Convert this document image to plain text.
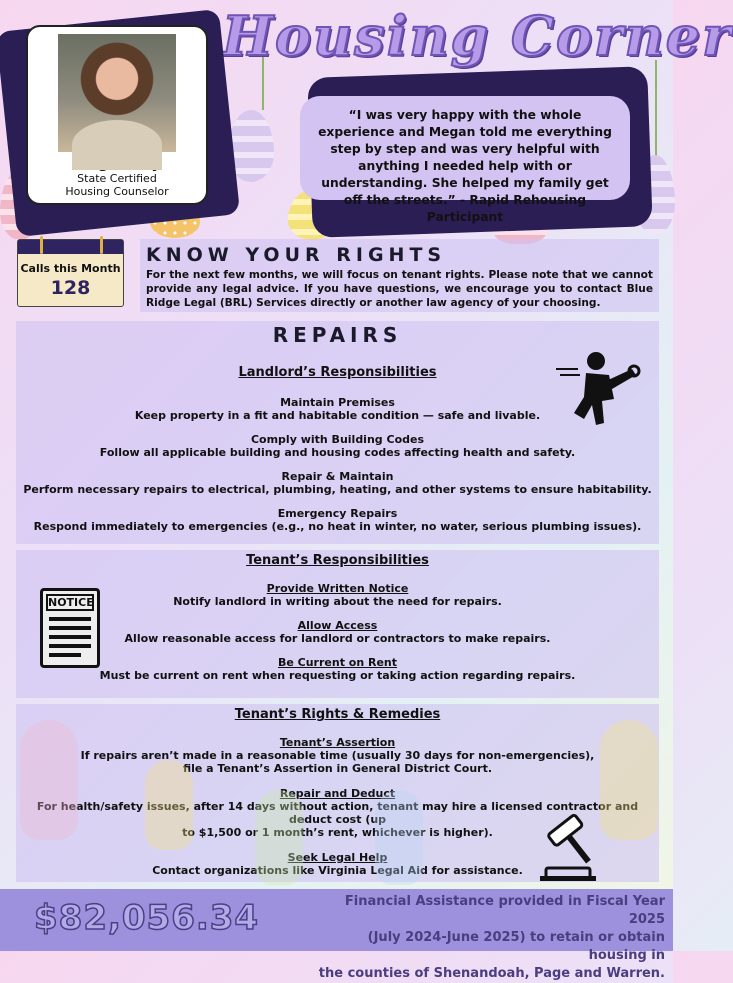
Housing Corner
State Certified
Housing Counselor
“I was very happy with the whole experience and Megan told me everything step by step and was very helpful with anything I needed help with or understanding. She helped my family get off the streets.” - Rapid Rehousing Participant
Calls this Month
128
KNOW YOUR RIGHTS
For the next few months, we will focus on tenant rights. Please note that we cannot provide any legal advice. If you have questions, we encourage you to contact Blue Ridge Legal (BRL) Services directly or another law agency of your choosing.
REPAIRS
Landlord’s Responsibilities
Maintain Premises
Keep property in a fit and habitable condition — safe and livable.
Comply with Building Codes
Follow all applicable building and housing codes affecting health and safety.
Repair & Maintain
Perform necessary repairs to electrical, plumbing, heating, and other systems to ensure habitability.
Emergency Repairs
Respond immediately to emergencies (e.g., no heat in winter, no water, serious plumbing issues).
Tenant’s Responsibilities
Provide Written Notice
Notify landlord in writing about the need for repairs.
Allow Access
Allow reasonable access for landlord or contractors to make repairs.
Be Current on Rent
Must be current on rent when requesting or taking action regarding repairs.
NOTICE
Tenant’s Rights & Remedies
Tenant’s Assertion
If repairs aren’t made in a reasonable time (usually 30 days for non-emergencies),
file a Tenant’s Assertion in General District Court.
Repair and Deduct
For health/safety issues, after 14 days without action, tenant may hire a licensed contractor and deduct cost (up
to $1,500 or 1 month’s rent, whichever is higher).
Seek Legal Help
Contact organizations like Virginia Legal Aid for assistance.
$82,056.34	Financial Assistance provided in Fiscal Year 2025
(July 2024-June 2025) to retain or obtain housing in
the counties of Shenandoah, Page and Warren.
